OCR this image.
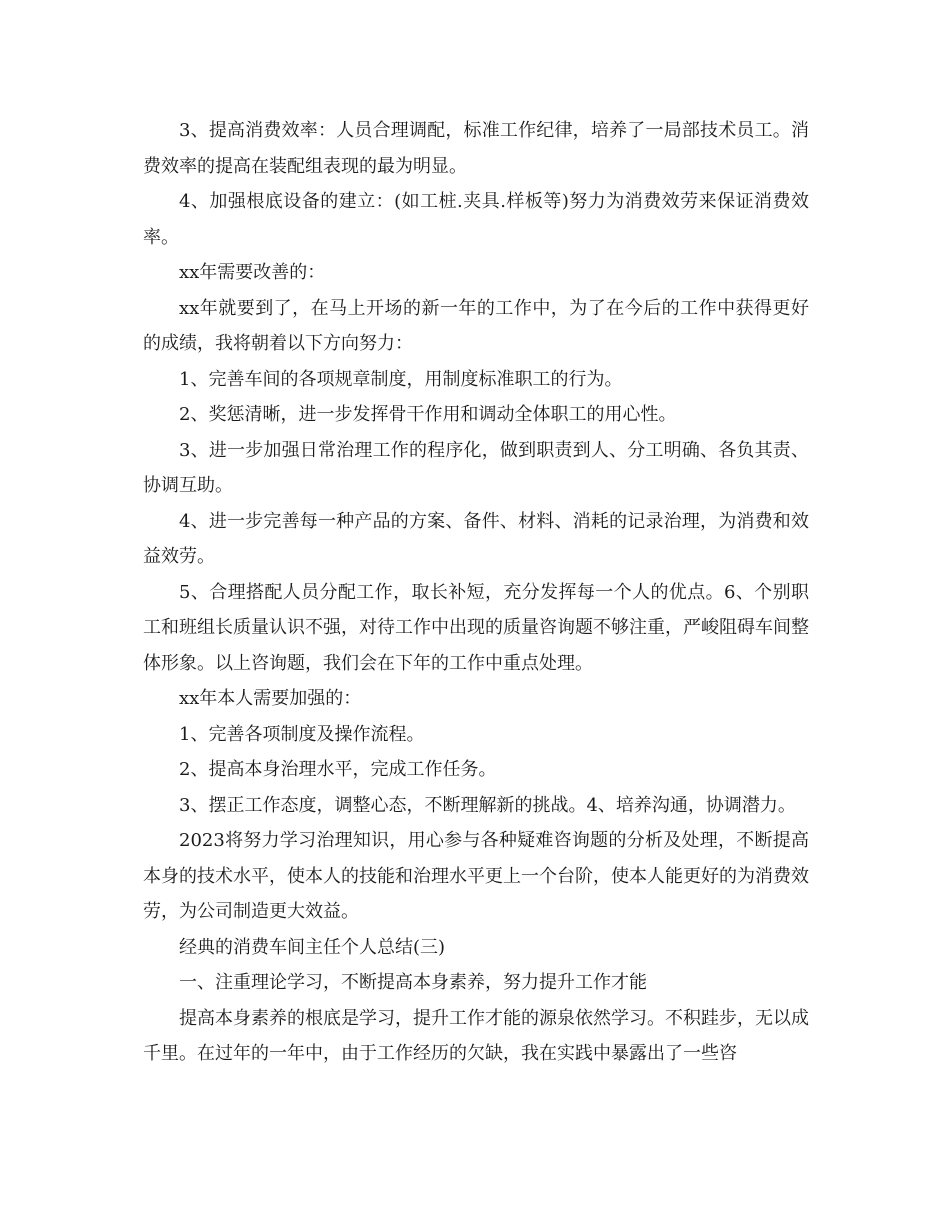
3、提高消费效率：人员合理调配，标准工作纪律，培养了一局部技术员工。消费效率的提高在装配组表现的最为明显。

4、加强根底设备的建立：(如工桩.夹具.样板等)努力为消费效劳来保证消费效率。

xx年需要改善的：

xx年就要到了，在马上开场的新一年的工作中，为了在今后的工作中获得更好的成绩，我将朝着以下方向努力：

1、完善车间的各项规章制度，用制度标准职工的行为。

2、奖惩清晰，进一步发挥骨干作用和调动全体职工的用心性。

3、进一步加强日常治理工作的程序化，做到职责到人、分工明确、各负其责、协调互助。

4、进一步完善每一种产品的方案、备件、材料、消耗的记录治理，为消费和效益效劳。

5、合理搭配人员分配工作，取长补短，充分发挥每一个人的优点。6、个别职工和班组长质量认识不强，对待工作中出现的质量咨询题不够注重，严峻阻碍车间整体形象。以上咨询题，我们会在下年的工作中重点处理。

xx年本人需要加强的：

1、完善各项制度及操作流程。

2、提高本身治理水平，完成工作任务。

3、摆正工作态度，调整心态，不断理解新的挑战。4、培养沟通，协调潜力。

2023将努力学习治理知识，用心参与各种疑难咨询题的分析及处理，不断提高本身的技术水平，使本人的技能和治理水平更上一个台阶，使本人能更好的为消费效劳，为公司制造更大效益。

经典的消费车间主任个人总结(三)

一、注重理论学习，不断提高本身素养，努力提升工作才能

提高本身素养的根底是学习，提升工作才能的源泉依然学习。不积跬步，无以成千里。在过年的一年中，由于工作经历的欠缺，我在实践中暴露出了一些咨
